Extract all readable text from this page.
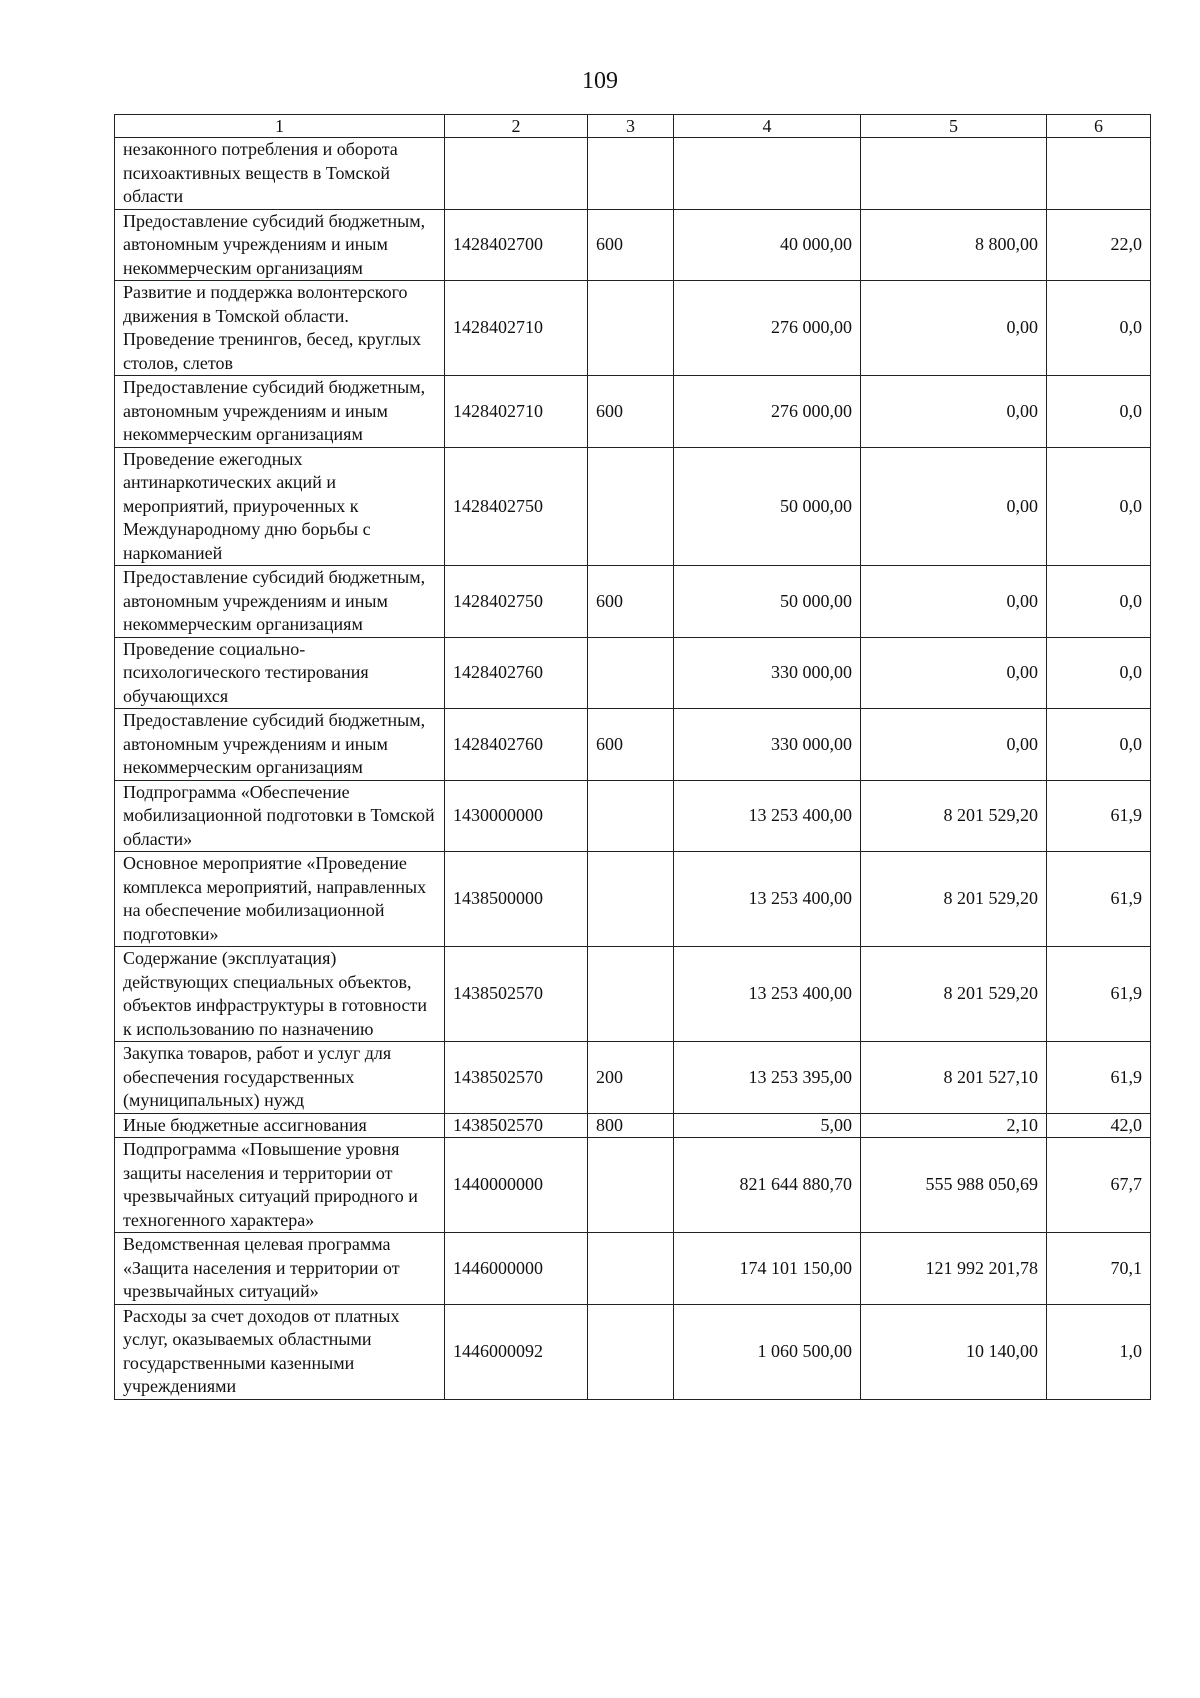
109
1	2	3	4	5	6
незаконного потребления и оборота психоактивных веществ в Томской области					
Предоставление субсидий бюджетным, автономным учреждениям и иным некоммерческим организациям	1428402700	600	40 000,00	8 800,00	22,0
Развитие и поддержка волонтерского движения в Томской области. Проведение тренингов, бесед, круглых столов, слетов	1428402710		276 000,00	0,00	0,0
Предоставление субсидий бюджетным, автономным учреждениям и иным некоммерческим организациям	1428402710	600	276 000,00	0,00	0,0
Проведение ежегодных антинаркотических акций и мероприятий, приуроченных к Международному дню борьбы с наркоманией	1428402750		50 000,00	0,00	0,0
Предоставление субсидий бюджетным, автономным учреждениям и иным некоммерческим организациям	1428402750	600	50 000,00	0,00	0,0
Проведение социально-психологического тестирования обучающихся	1428402760		330 000,00	0,00	0,0
Предоставление субсидий бюджетным, автономным учреждениям и иным некоммерческим организациям	1428402760	600	330 000,00	0,00	0,0
Подпрограмма «Обеспечение мобилизационной подготовки в Томской области»	1430000000		13 253 400,00	8 201 529,20	61,9
Основное мероприятие «Проведение комплекса мероприятий, направленных на обеспечение мобилизационной подготовки»	1438500000		13 253 400,00	8 201 529,20	61,9
Содержание (эксплуатация) действующих специальных объектов, объектов инфраструктуры в готовности к использованию по назначению	1438502570		13 253 400,00	8 201 529,20	61,9
Закупка товаров, работ и услуг для обеспечения государственных (муниципальных) нужд	1438502570	200	13 253 395,00	8 201 527,10	61,9
Иные бюджетные ассигнования	1438502570	800	5,00	2,10	42,0
Подпрограмма «Повышение уровня защиты населения и территории от чрезвычайных ситуаций природного и техногенного характера»	1440000000		821 644 880,70	555 988 050,69	67,7
Ведомственная целевая программа «Защита населения и территории от чрезвычайных ситуаций»	1446000000		174 101 150,00	121 992 201,78	70,1
Расходы за счет доходов от платных услуг, оказываемых областными государственными казенными учреждениями	1446000092		1 060 500,00	10 140,00	1,0
